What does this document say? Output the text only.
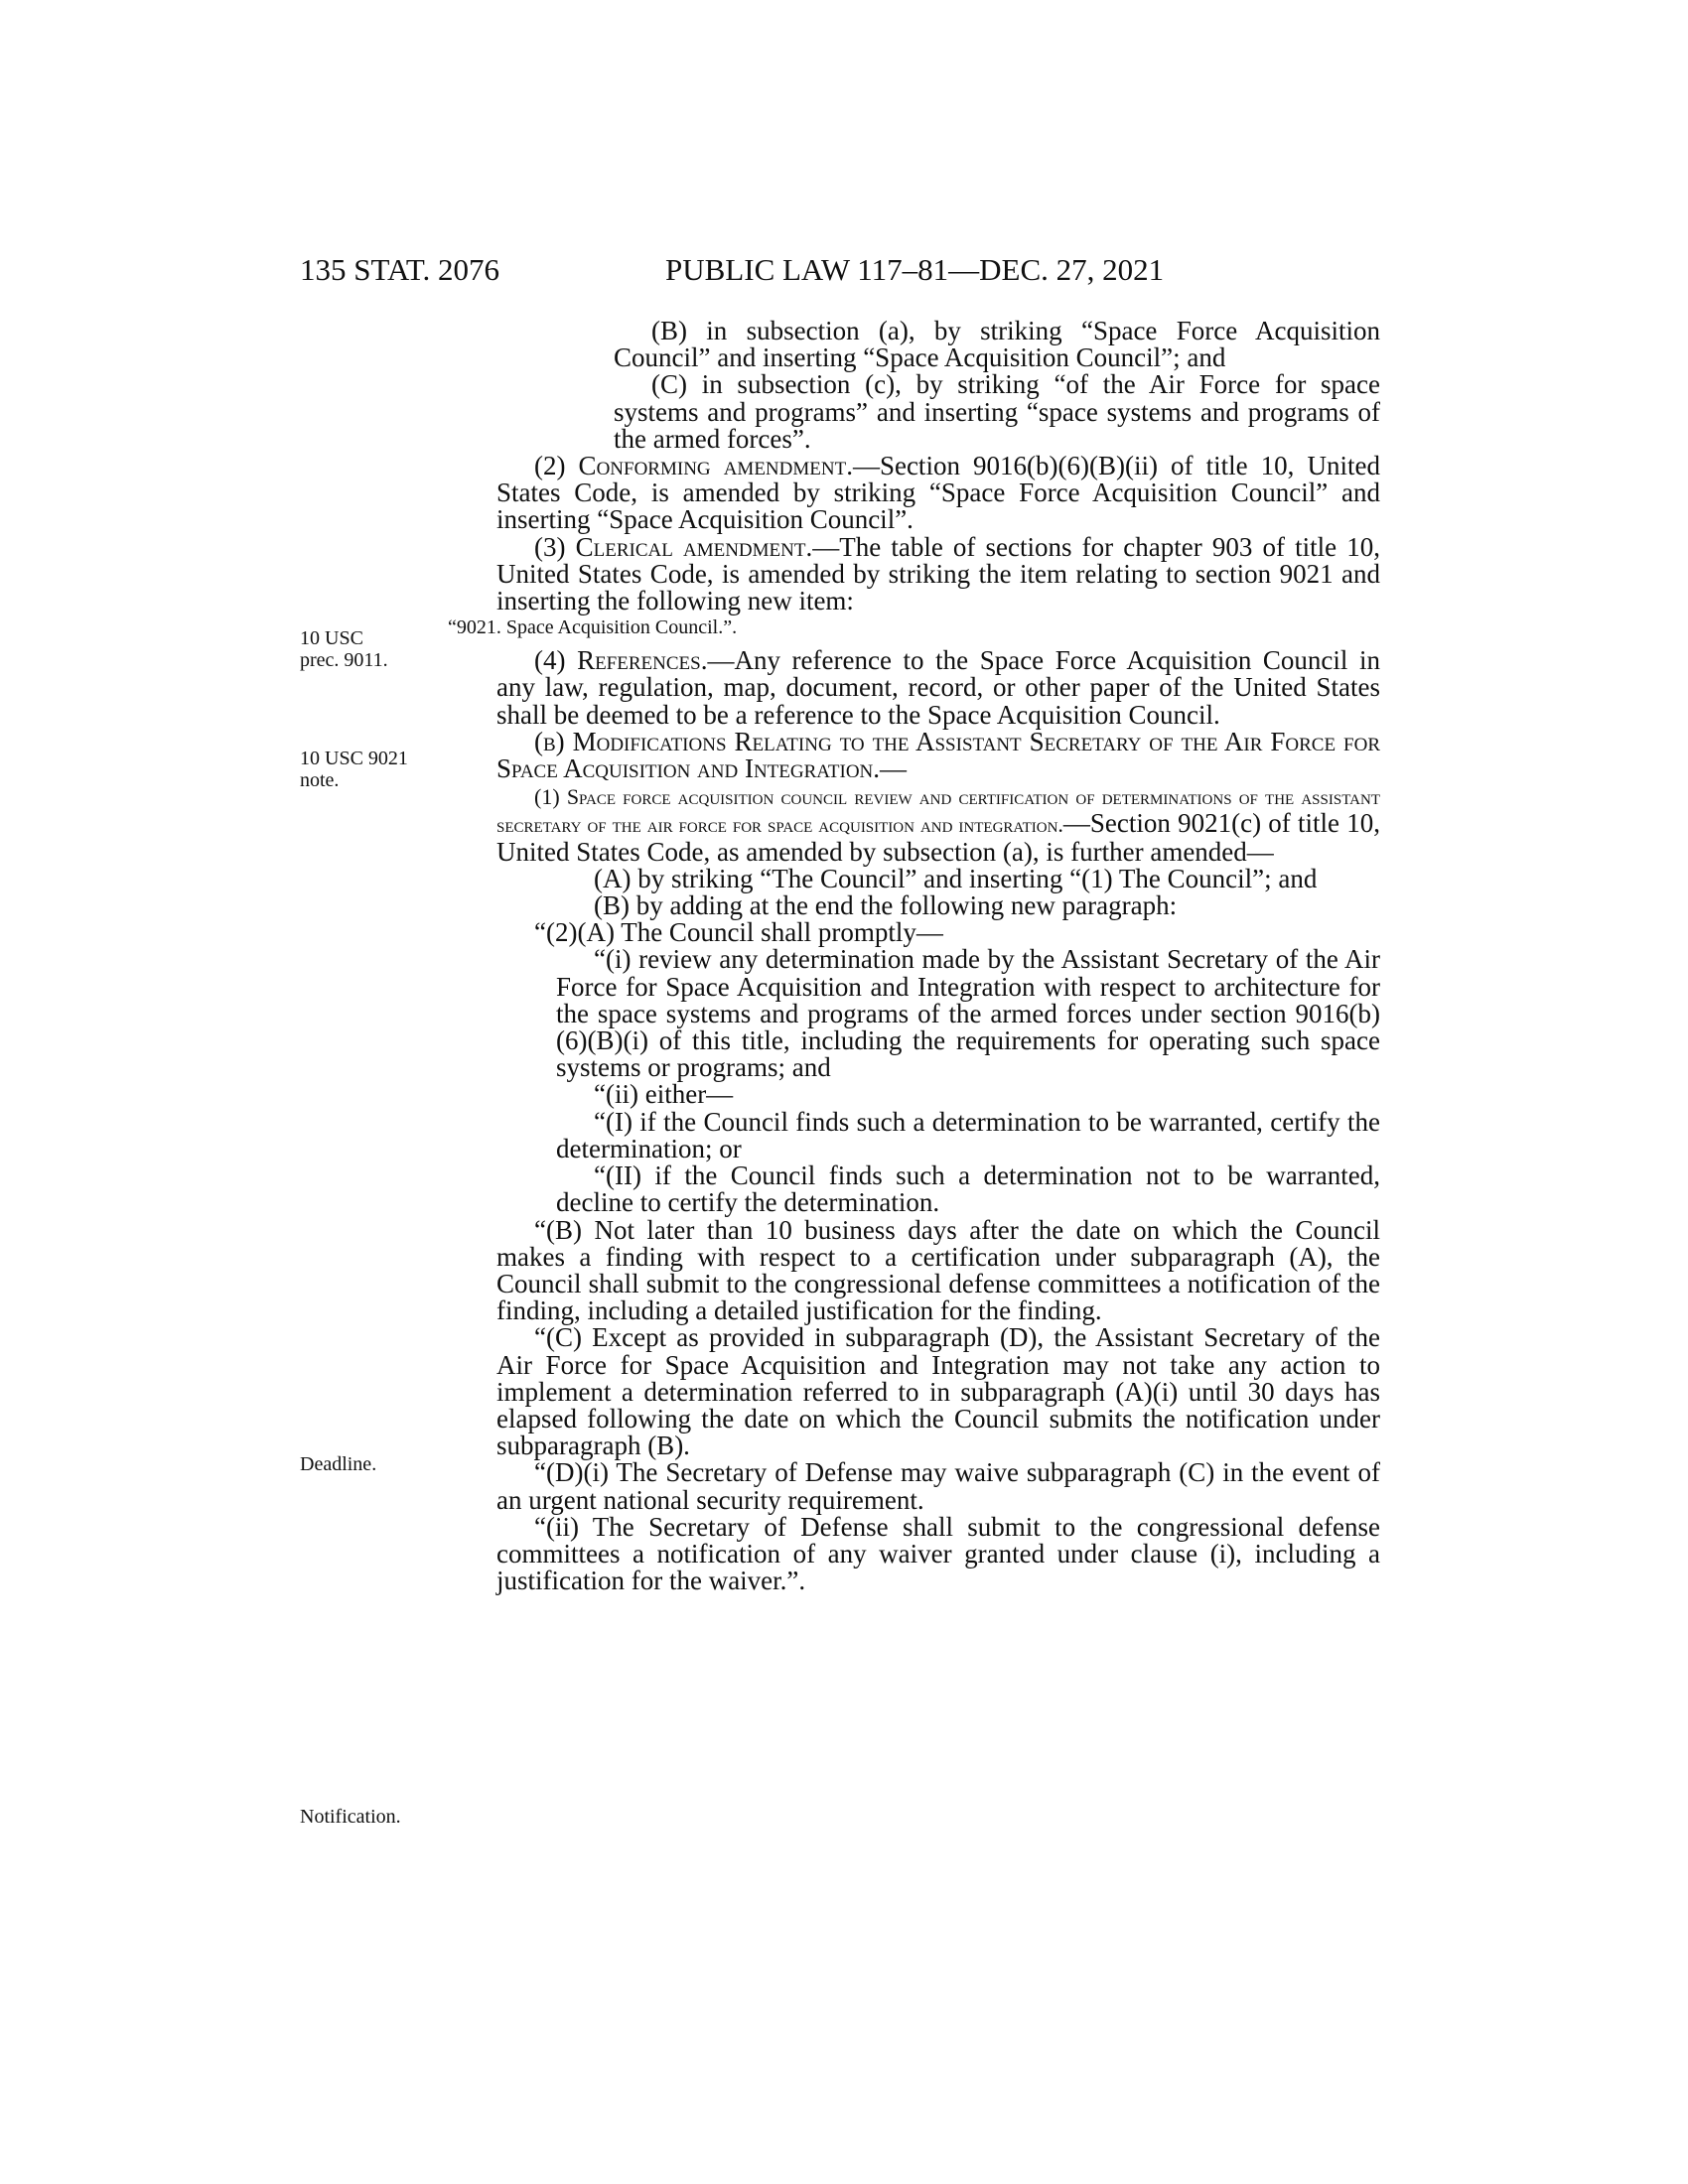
135 STAT. 2076	PUBLIC LAW 117–81—DEC. 27, 2021
10 USC
prec. 9011.
10 USC 9021
note.
Deadline.
Notification.

(B) in subsection (a), by striking “Space Force Acquisition Council” and inserting “Space Acquisition Council”; and

(C) in subsection (c), by striking “of the Air Force for space systems and programs” and inserting “space systems and programs of the armed forces”.

(2) Conforming amendment.—Section 9016(b)(6)(B)(ii) of title 10, United States Code, is amended by striking “Space Force Acquisition Council” and inserting “Space Acquisition Council”.

(3) Clerical amendment.—The table of sections for chapter 903 of title 10, United States Code, is amended by striking the item relating to section 9021 and inserting the following new item:

“9021. Space Acquisition Council.”.

(4) References.—Any reference to the Space Force Acquisition Council in any law, regulation, map, document, record, or other paper of the United States shall be deemed to be a reference to the Space Acquisition Council.

(b) Modifications Relating to the Assistant Secretary of the Air Force for Space Acquisition and Integration.—

(1) Space force acquisition council review and certification of determinations of the assistant secretary of the air force for space acquisition and integration.—Section 9021(c) of title 10, United States Code, as amended by subsection (a), is further amended—

(A) by striking “The Council” and inserting “(1) The Council”; and

(B) by adding at the end the following new paragraph:

“(2)(A) The Council shall promptly—

“(i) review any determination made by the Assistant Secretary of the Air Force for Space Acquisition and Integration with respect to architecture for the space systems and programs of the armed forces under section 9016(b)(6)(B)(i) of this title, including the requirements for operating such space systems or programs; and

“(ii) either—

“(I) if the Council finds such a determination to be warranted, certify the determination; or

“(II) if the Council finds such a determination not to be warranted, decline to certify the determination.

“(B) Not later than 10 business days after the date on which the Council makes a finding with respect to a certification under subparagraph (A), the Council shall submit to the congressional defense committees a notification of the finding, including a detailed justification for the finding.

“(C) Except as provided in subparagraph (D), the Assistant Secretary of the Air Force for Space Acquisition and Integration may not take any action to implement a determination referred to in subparagraph (A)(i) until 30 days has elapsed following the date on which the Council submits the notification under subparagraph (B).

“(D)(i) The Secretary of Defense may waive subparagraph (C) in the event of an urgent national security requirement.

“(ii) The Secretary of Defense shall submit to the congressional defense committees a notification of any waiver granted under clause (i), including a justification for the waiver.”.
